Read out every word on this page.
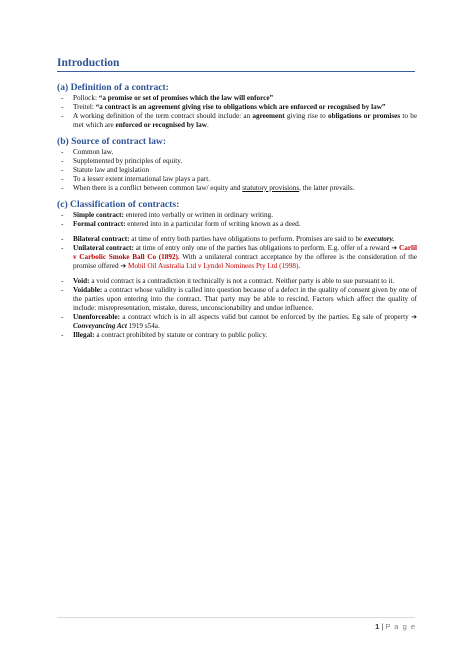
Introduction
(a) Definition of a contract:
- Pollock: “a promise or set of promises which the law will enforce”
- Treitel: “a contract is an agreement giving rise to obligations which are enforced or recognised by law”
- A working definition of the term contract should include: an agreement giving rise to obligations or promises to be met which are enforced or recognised by law.
(b) Source of contract law:
- Common law.
- Supplemented by principles of equity.
- Statute law and legislation
- To a lesser extent international law plays a part.
- When there is a conflict between common law/ equity and statutory provisions, the latter prevails.
(c) Classification of contracts:
- Simple contract: entered into verbally or written in ordinary writing.
- Formal contract: entered into in a particular form of writing known as a deed.
- Bilateral contract: at time of entry both parties have obligations to perform. Promises are said to be executory.
- Unilateral contract: at time of entry only one of the parties has obligations to perform. E.g. offer of a reward ➔ Carlil v Carbolic Smoke Ball Co (1892). With a unilateral contract acceptance by the offeree is the consideration of the promise offered ➔ Mobil Oil Australia Ltd v Lyndel Nominees Pty Ltd (1998).
- Void: a void contract is a contradiction it technically is not a contract. Neither party is able to sue pursuant to it.
- Voidable: a contract whose validity is called into question because of a defect in the quality of consent given by one of the parties upon entering into the contract. That party may be able to rescind. Factors which affect the quality of include: misrepresentation, mistake, duress, unconscionability and undue influence.
- Unenforceable: a contract which is in all aspects valid but cannot be enforced by the parties. Eg sale of property ➔ Conveyancing Act 1919 s54a.
- Illegal: a contract prohibited by statute or contrary to public policy.
1 | P a g e
